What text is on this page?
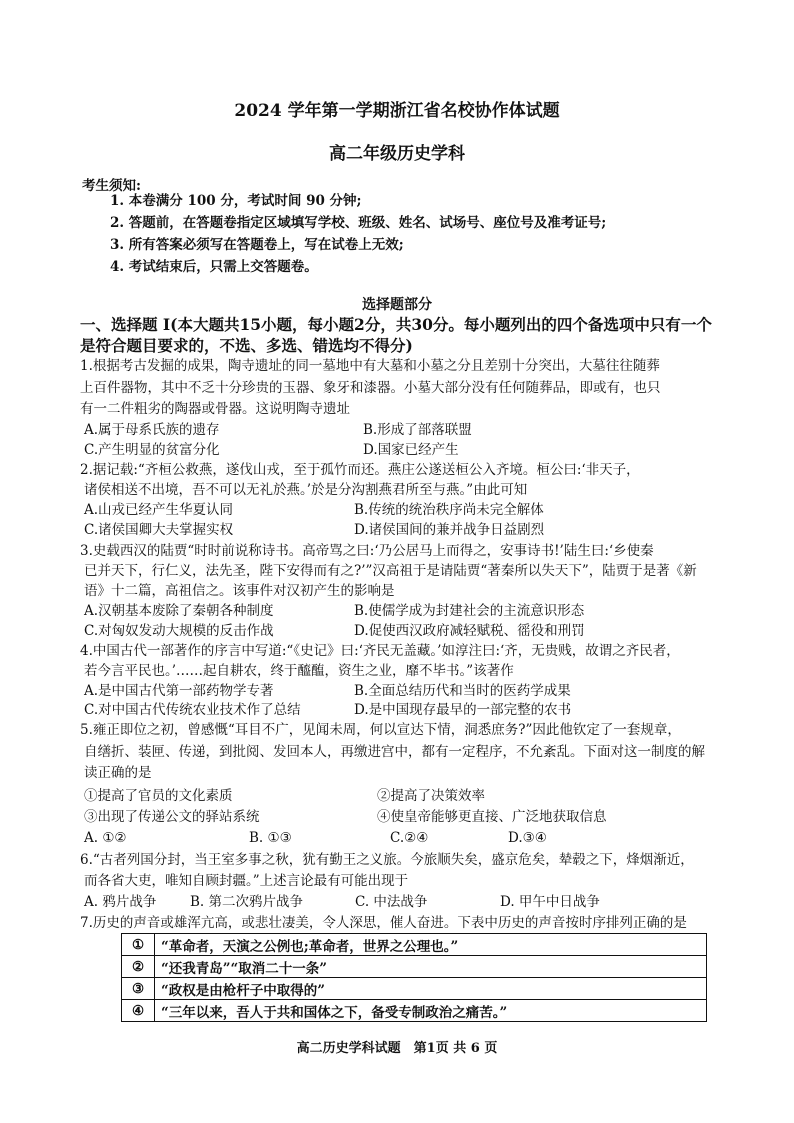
2024 学年第一学期浙江省名校协作体试题
高二年级历史学科
考生须知:
1. 本卷满分 100 分，考试时间 90 分钟;
2. 答题前，在答题卷指定区域填写学校、班级、姓名、试场号、座位号及准考证号;
3. 所有答案必须写在答题卷上，写在试卷上无效;
4. 考试结束后，只需上交答题卷。
选择题部分
一、选择题 Ⅰ(本大题共15小题，每小题2分，共30分。每小题列出的四个备选项中只有一个
是符合题目要求的，不选、多选、错选均不得分)
1.根据考古发掘的成果，陶寺遗址的同一墓地中有大墓和小墓之分且差别十分突出，大墓往往随葬
上百件器物，其中不乏十分珍贵的玉器、象牙和漆器。小墓大部分没有任何随葬品，即或有，也只
有一二件粗劣的陶器或骨器。这说明陶寺遗址
A.属于母系氏族的遗存	B.形成了部落联盟
C.产生明显的贫富分化	D.国家已经产生
2.据记载:“齐桓公救燕，遂伐山戎，至于孤竹而还。燕庄公遂送桓公入齐境。桓公曰:‘非天子，
诸侯相送不出境，吾不可以无礼於燕。’於是分沟割燕君所至与燕。”由此可知
A.山戎已经产生华夏认同	B.传统的统治秩序尚未完全解体
C.诸侯国卿大夫掌握实权	D.诸侯国间的兼并战争日益剧烈
3.史载西汉的陆贾“时时前说称诗书。高帝骂之曰:‘乃公居马上而得之，安事诗书!’陆生曰:‘乡使秦
已并天下，行仁义，法先圣，陛下安得而有之?’”汉高祖于是请陆贾“著秦所以失天下”，陆贾于是著《新
语》十二篇，高祖信之。该事件对汉初产生的影响是
A.汉朝基本废除了秦朝各种制度	B.使儒学成为封建社会的主流意识形态
C.对匈奴发动大规模的反击作战	D.促使西汉政府减轻赋税、徭役和刑罚
4.中国古代一部著作的序言中写道:“《史记》曰:‘齐民无盖藏。’如淳注曰:‘齐，无贵贱，故谓之齐民者，
若今言平民也。’……起自耕农，终于醯醢，资生之业，靡不毕书。”该著作
A.是中国古代第一部药物学专著	B.全面总结历代和当时的医药学成果
C.对中国古代传统农业技术作了总结	D.是中国现存最早的一部完整的农书
5.雍正即位之初，曾感慨“耳目不广，见闻未周，何以宣达下情，洞悉庶务?”因此他钦定了一套规章，
自缮折、装匣、传递，到批阅、发回本人，再缴进宫中，都有一定程序，不允紊乱。下面对这一制度的解
读正确的是
①提高了官员的文化素质	②提高了决策效率
③出现了传递公文的驿站系统	④使皇帝能够更直接、广泛地获取信息
A. ①②	B. ①③	C.②④	D.③④
6.“古者列国分封，当王室多事之秋，犹有勤王之义旅。今旅顺失矣，盛京危矣，辇毂之下，烽烟渐近，
而各省大吏，唯知自顾封疆。”上述言论最有可能出现于
A. 鸦片战争 B. 第二次鸦片战争	C. 中法战争	D. 甲午中日战争
7.历史的声音或雄浑亢高，或悲壮凄美，令人深思，催人奋进。下表中历史的声音按时序排列正确的是
①	“革命者，天演之公例也;革命者，世界之公理也。”
②	“还我青岛”“取消二十一条”
③	“政权是由枪杆子中取得的”
④	“三年以来，吾人于共和国体之下，备受专制政治之痛苦。”
高二历史学科试题　第1页 共 6 页
